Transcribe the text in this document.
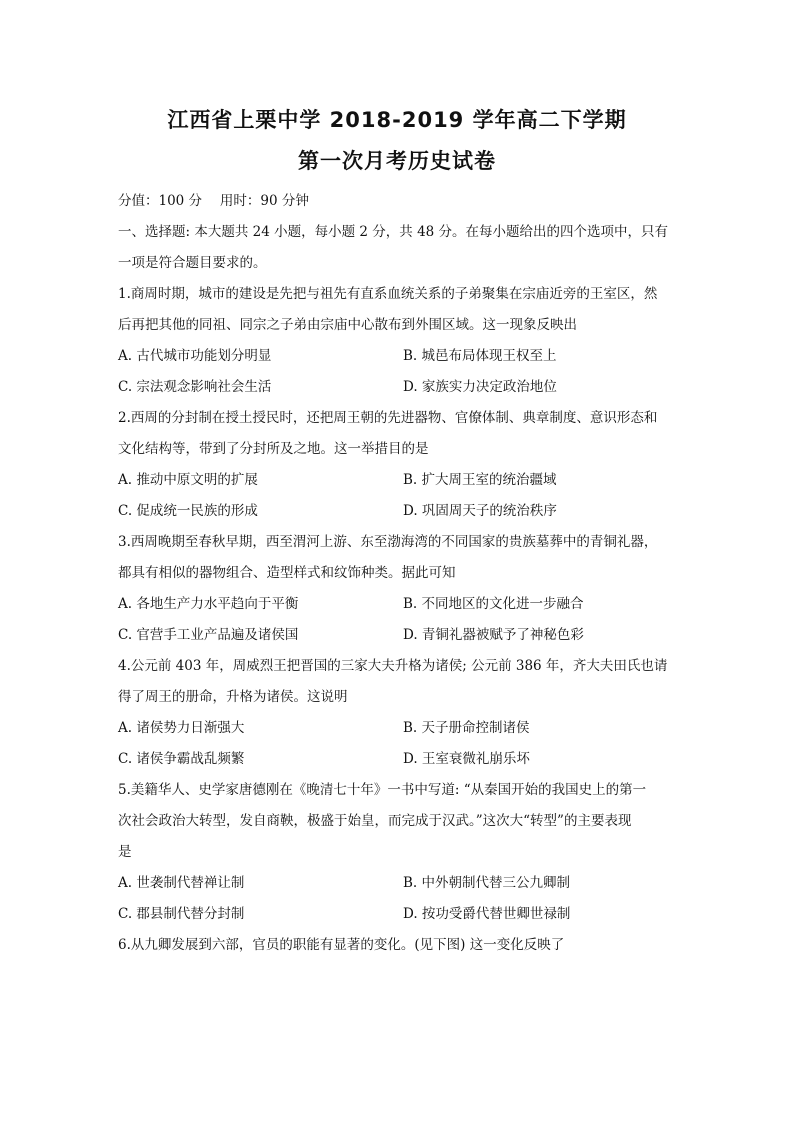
江西省上栗中学 2018-2019 学年高二下学期
第一次月考历史试卷
分值：100 分　 用时：90 分钟
一、选择题: 本大题共 24 小题，每小题 2 分，共 48 分。在每小题给出的四个选项中，只有
一项是符合题目要求的。
1.商周时期，城市的建设是先把与祖先有直系血统关系的子弟聚集在宗庙近旁的王室区，然
后再把其他的同祖、同宗之子弟由宗庙中心散布到外围区域。这一现象反映出
A. 古代城市功能划分明显	B. 城邑布局体现王权至上
C. 宗法观念影响社会生活	D. 家族实力决定政治地位
2.西周的分封制在授土授民时，还把周王朝的先进器物、官僚体制、典章制度、意识形态和
文化结构等，带到了分封所及之地。这一举措目的是
A. 推动中原文明的扩展	B. 扩大周王室的统治疆域
C. 促成统一民族的形成	D. 巩固周天子的统治秩序
3.西周晚期至春秋早期，西至渭河上游、东至渤海湾的不同国家的贵族墓葬中的青铜礼器，
都具有相似的器物组合、造型样式和纹饰种类。据此可知
A. 各地生产力水平趋向于平衡	B. 不同地区的文化进一步融合
C. 官营手工业产品遍及诸侯国	D. 青铜礼器被赋予了神秘色彩
4.公元前 403 年，周威烈王把晋国的三家大夫升格为诸侯; 公元前 386 年，齐大夫田氏也请
得了周王的册命，升格为诸侯。这说明
A. 诸侯势力日渐强大	B. 天子册命控制诸侯
C. 诸侯争霸战乱频繁	D. 王室衰微礼崩乐坏
5.美籍华人、史学家唐德刚在《晚清七十年》一书中写道: “从秦国开始的我国史上的第一
次社会政治大转型，发自商鞅，极盛于始皇，而完成于汉武。”这次大“转型”的主要表现
是
A. 世袭制代替禅让制	B. 中外朝制代替三公九卿制
C. 郡县制代替分封制	D. 按功受爵代替世卿世禄制
6.从九卿发展到六部，官员的职能有显著的变化。(见下图) 这一变化反映了
